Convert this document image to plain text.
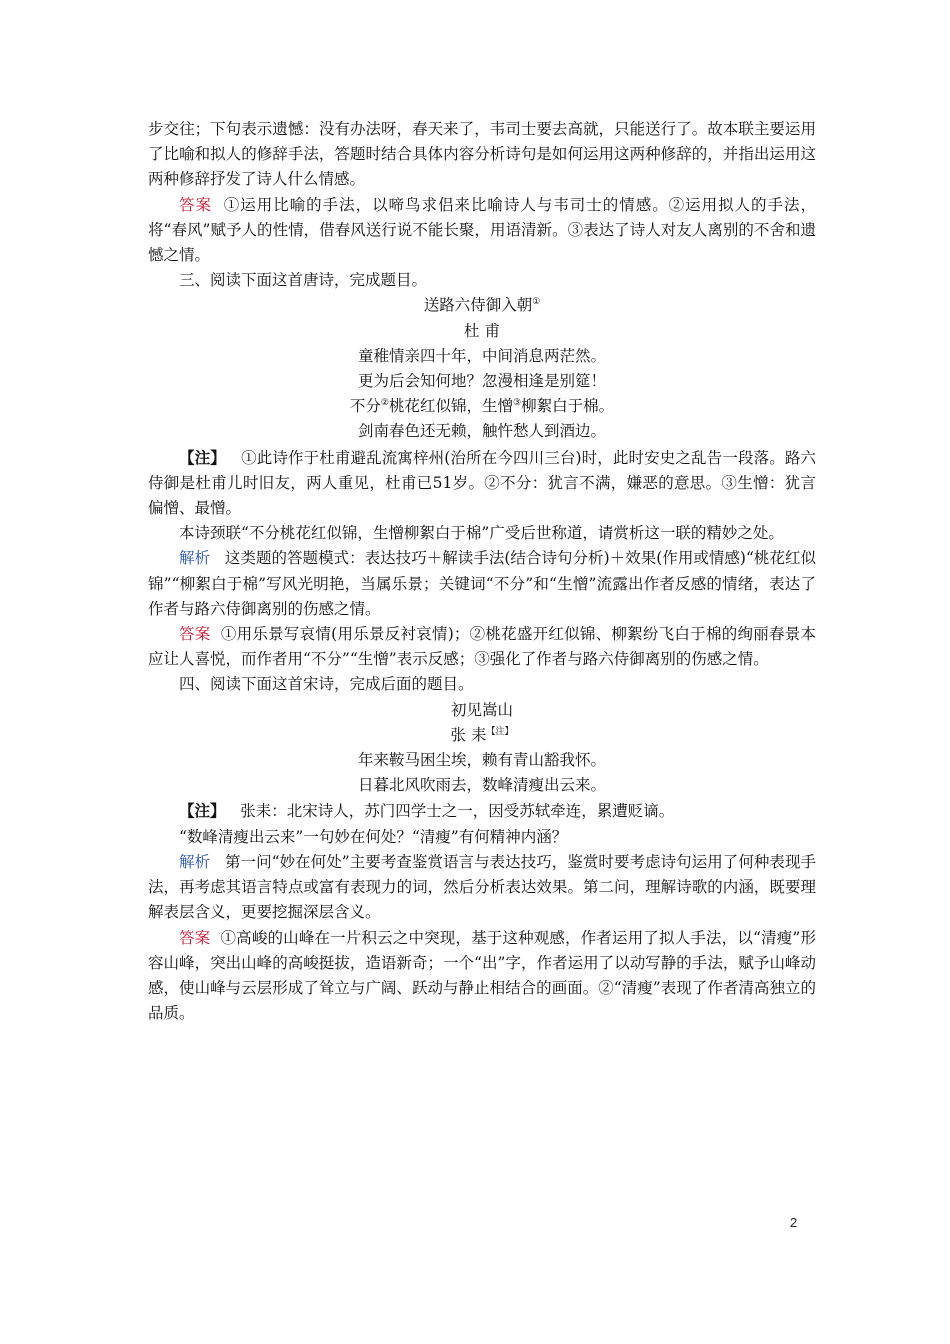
步交往；下句表示遗憾：没有办法呀，春天来了，韦司士要去高就，只能送行了。故本联主要运用了比喻和拟人的修辞手法，答题时结合具体内容分析诗句是如何运用这两种修辞的，并指出运用这两种修辞抒发了诗人什么情感。

答案 ①运用比喻的手法，以啼鸟求侣来比喻诗人与韦司士的情感。②运用拟人的手法，将“春风”赋予人的性情，借春风送行说不能长聚，用语清新。③表达了诗人对友人离别的不舍和遗憾之情。

三、阅读下面这首唐诗，完成题目。

送路六侍御入朝①

杜 甫

童稚情亲四十年，中间消息两茫然。

更为后会知何地？忽漫相逢是别筵！

不分②桃花红似锦，生憎③柳絮白于棉。

剑南春色还无赖，触忤愁人到酒边。

【注】 ①此诗作于杜甫避乱流寓梓州(治所在今四川三台)时，此时安史之乱告一段落。路六侍御是杜甫儿时旧友，两人重见，杜甫已51岁。②不分：犹言不满，嫌恶的意思。③生憎：犹言偏憎、最憎。

本诗颈联“不分桃花红似锦，生憎柳絮白于棉”广受后世称道，请赏析这一联的精妙之处。

解析 这类题的答题模式：表达技巧＋解读手法(结合诗句分析)＋效果(作用或情感)“桃花红似锦”“柳絮白于棉”写风光明艳，当属乐景；关键词“不分”和“生憎”流露出作者反感的情绪，表达了作者与路六侍御离别的伤感之情。

答案 ①用乐景写哀情(用乐景反衬哀情)；②桃花盛开红似锦、柳絮纷飞白于棉的绚丽春景本应让人喜悦，而作者用“不分”“生憎”表示反感；③强化了作者与路六侍御离别的伤感之情。

四、阅读下面这首宋诗，完成后面的题目。

初见嵩山

张 耒$^{【注】}$

年来鞍马困尘埃，赖有青山豁我怀。

日暮北风吹雨去，数峰清瘦出云来。

【注】 张耒：北宋诗人，苏门四学士之一，因受苏轼牵连，累遭贬谪。

“数峰清瘦出云来”一句妙在何处？“清瘦”有何精神内涵？

解析 第一问“妙在何处”主要考查鉴赏语言与表达技巧，鉴赏时要考虑诗句运用了何种表现手法，再考虑其语言特点或富有表现力的词，然后分析表达效果。第二问，理解诗歌的内涵，既要理解表层含义，更要挖掘深层含义。

答案 ①高峻的山峰在一片积云之中突现，基于这种观感，作者运用了拟人手法，以“清瘦”形容山峰，突出山峰的高峻挺拔，造语新奇；一个“出”字，作者运用了以动写静的手法，赋予山峰动感，使山峰与云层形成了耸立与广阔、跃动与静止相结合的画面。②“清瘦”表现了作者清高独立的品质。

2
